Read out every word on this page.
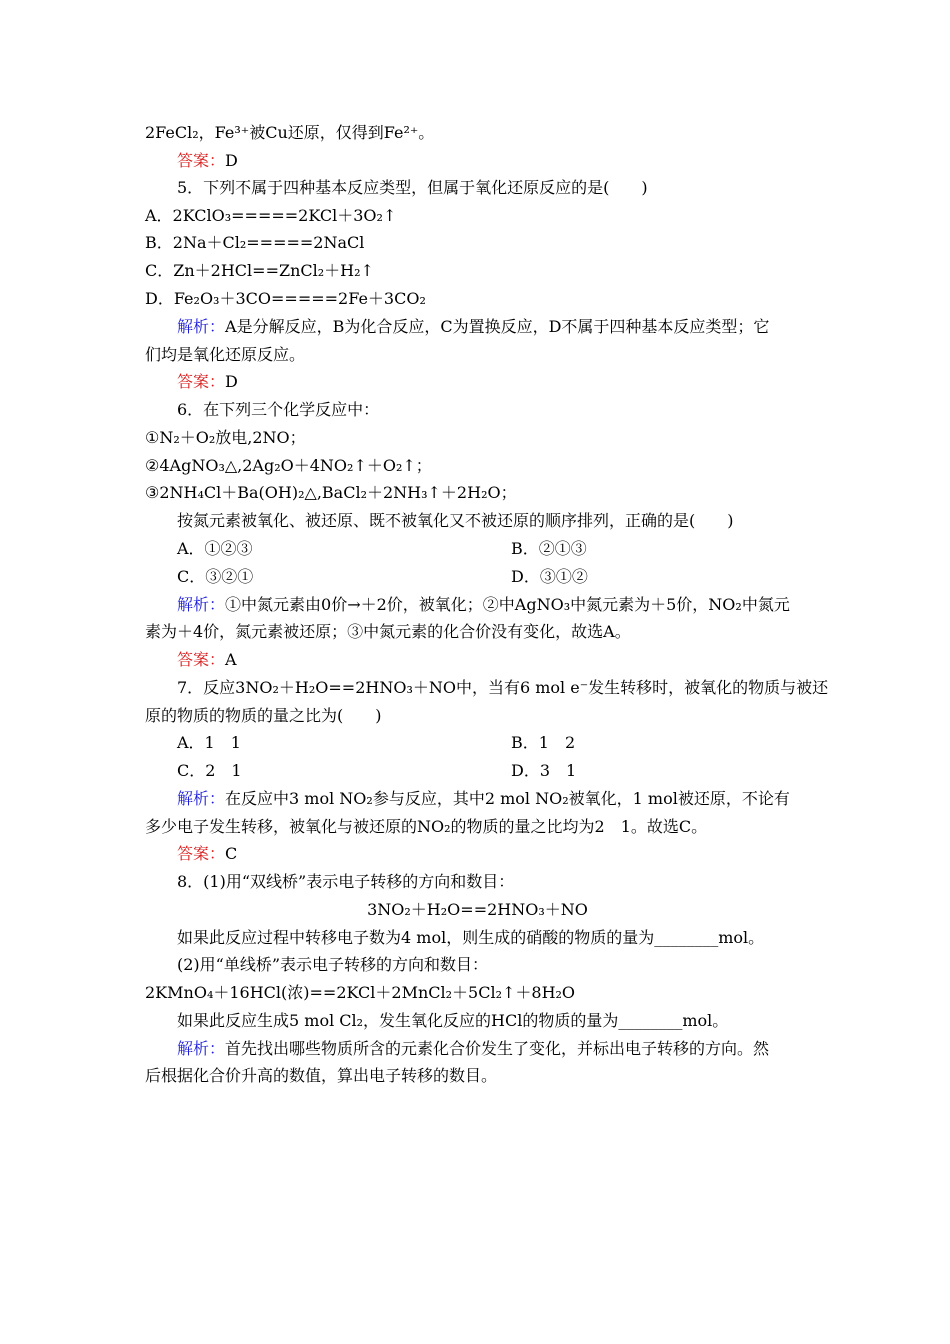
2FeCl₂，Fe³⁺被Cu还原，仅得到Fe²⁺。
答案：D
5．下列不属于四种基本反应类型，但属于氧化还原反应的是(　　)
A．2KClO₃=====2KCl＋3O₂↑
B．2Na＋Cl₂=====2NaCl
C．Zn＋2HCl==ZnCl₂＋H₂↑
D．Fe₂O₃＋3CO=====2Fe＋3CO₂
解析：A是分解反应，B为化合反应，C为置换反应，D不属于四种基本反应类型；它
们均是氧化还原反应。
答案：D
6．在下列三个化学反应中：
①N₂＋O₂放电,2NO；
②4AgNO₃△,2Ag₂O＋4NO₂↑＋O₂↑；
③2NH₄Cl＋Ba(OH)₂△,BaCl₂＋2NH₃↑＋2H₂O；
按氮元素被氧化、被还原、既不被氧化又不被还原的顺序排列，正确的是(　　)
A．①②③	B．②①③
C．③②①	D．③①②
解析：①中氮元素由0价→＋2价，被氧化；②中AgNO₃中氮元素为＋5价，NO₂中氮元
素为＋4价，氮元素被还原；③中氮元素的化合价没有变化，故选A。
答案：A
7．反应3NO₂＋H₂O==2HNO₃＋NO中，当有6 mol e⁻发生转移时，被氧化的物质与被还
原的物质的物质的量之比为(　　)
A．1　1	B．1　2
C．2　1	D．3　1
解析：在反应中3 mol NO₂参与反应，其中2 mol NO₂被氧化，1 mol被还原，不论有
多少电子发生转移，被氧化与被还原的NO₂的物质的量之比均为2　1。故选C。
答案：C
8．(1)用“双线桥”表示电子转移的方向和数目：
3NO₂＋H₂O==2HNO₃＋NO
如果此反应过程中转移电子数为4 mol，则生成的硝酸的物质的量为________mol。
(2)用“单线桥”表示电子转移的方向和数目：
2KMnO₄＋16HCl(浓)==2KCl＋2MnCl₂＋5Cl₂↑＋8H₂O
如果此反应生成5 mol Cl₂，发生氧化反应的HCl的物质的量为________mol。
解析：首先找出哪些物质所含的元素化合价发生了变化，并标出电子转移的方向。然
后根据化合价升高的数值，算出电子转移的数目。
